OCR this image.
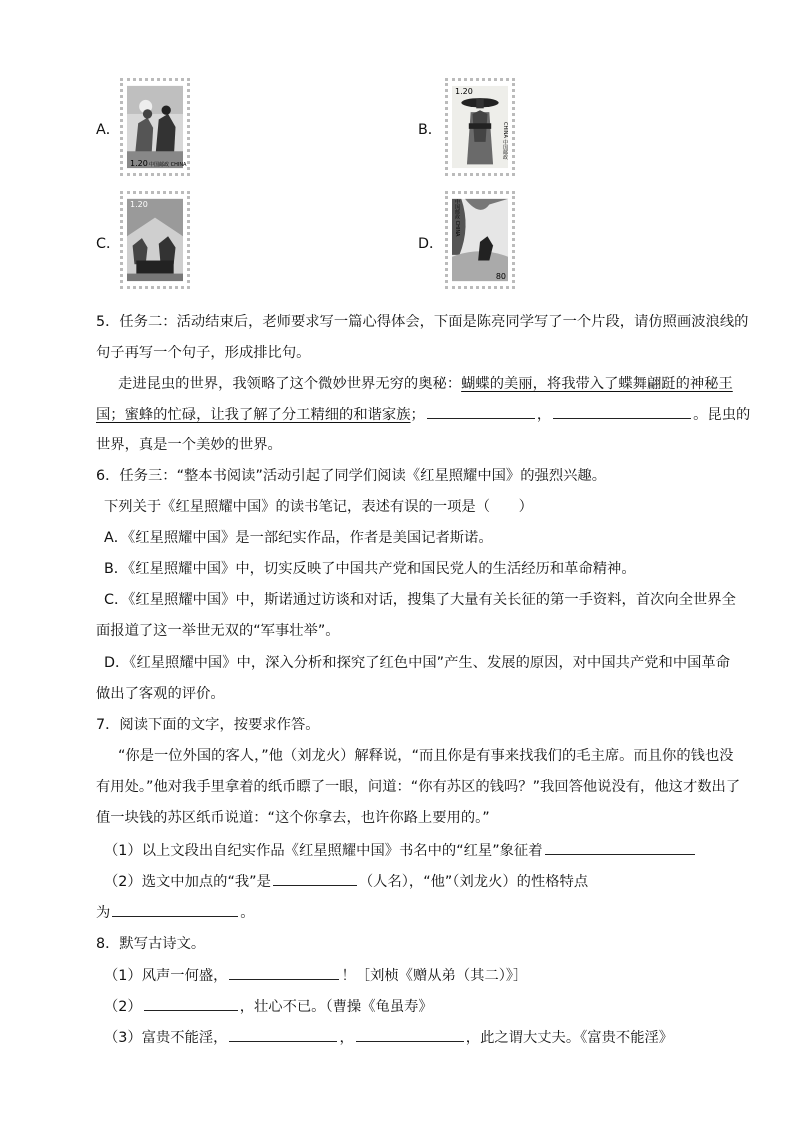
A．
1.20 中国邮政 CHINA
B．
1.20
CHINA 中国邮政
C．
1.20
D．
中国邮政 CHINA
80
5．任务二：活动结束后，老师要求写一篇心得体会，下面是陈亮同学写了一个片段，请仿照画波浪线的
句子再写一个句子，形成排比句。
走进昆虫的世界，我领略了这个微妙世界无穷的奥秘：蝴蝶的美丽，将我带入了蝶舞翩跹的神秘王
国；蜜蜂的忙碌，让我了解了分工精细的和谐家族；	，	。昆虫的
世界，真是一个美妙的世界。
6．任务三：“整本书阅读”活动引起了同学们阅读《红星照耀中国》的强烈兴趣。
下列关于《红星照耀中国》的读书笔记，表述有误的一项是（　　）
A．《红星照耀中国》是一部纪实作品，作者是美国记者斯诺。
B．《红星照耀中国》中，切实反映了中国共产党和国民党人的生活经历和革命精神。
C．《红星照耀中国》中，斯诺通过访谈和对话，搜集了大量有关长征的第一手资料，首次向全世界全
面报道了这一举世无双的“军事壮举”。
D．《红星照耀中国》中，深入分析和探究了红色中国”产生、发展的原因，对中国共产党和中国革命
做出了客观的评价。
7．阅读下面的文字，按要求作答。
“你是一位外国的客人，”他（刘龙火）解释说，“而且你是有事来找我们的毛主席。而且你的钱也没
有用处。”他对我手里拿着的纸币瞟了一眼，问道：“你有苏区的钱吗？”我回答他说没有，他这才数出了
值一块钱的苏区纸币说道：“这个你拿去，也许你路上要用的。”
（1）以上文段出自纪实作品《红星照耀中国》书名中的“红星”象征着
（2）选文中加点的“我”是	（人名），“他”（刘龙火）的性格特点
为	。
8．默写古诗文。
（1）风声一何盛，	！［刘桢《赠从弟（其二）》］
（2）	，壮心不已。（曹操《龟虽寿》
（3）富贵不能淫，	，	，此之谓大丈夫。《富贵不能淫》
